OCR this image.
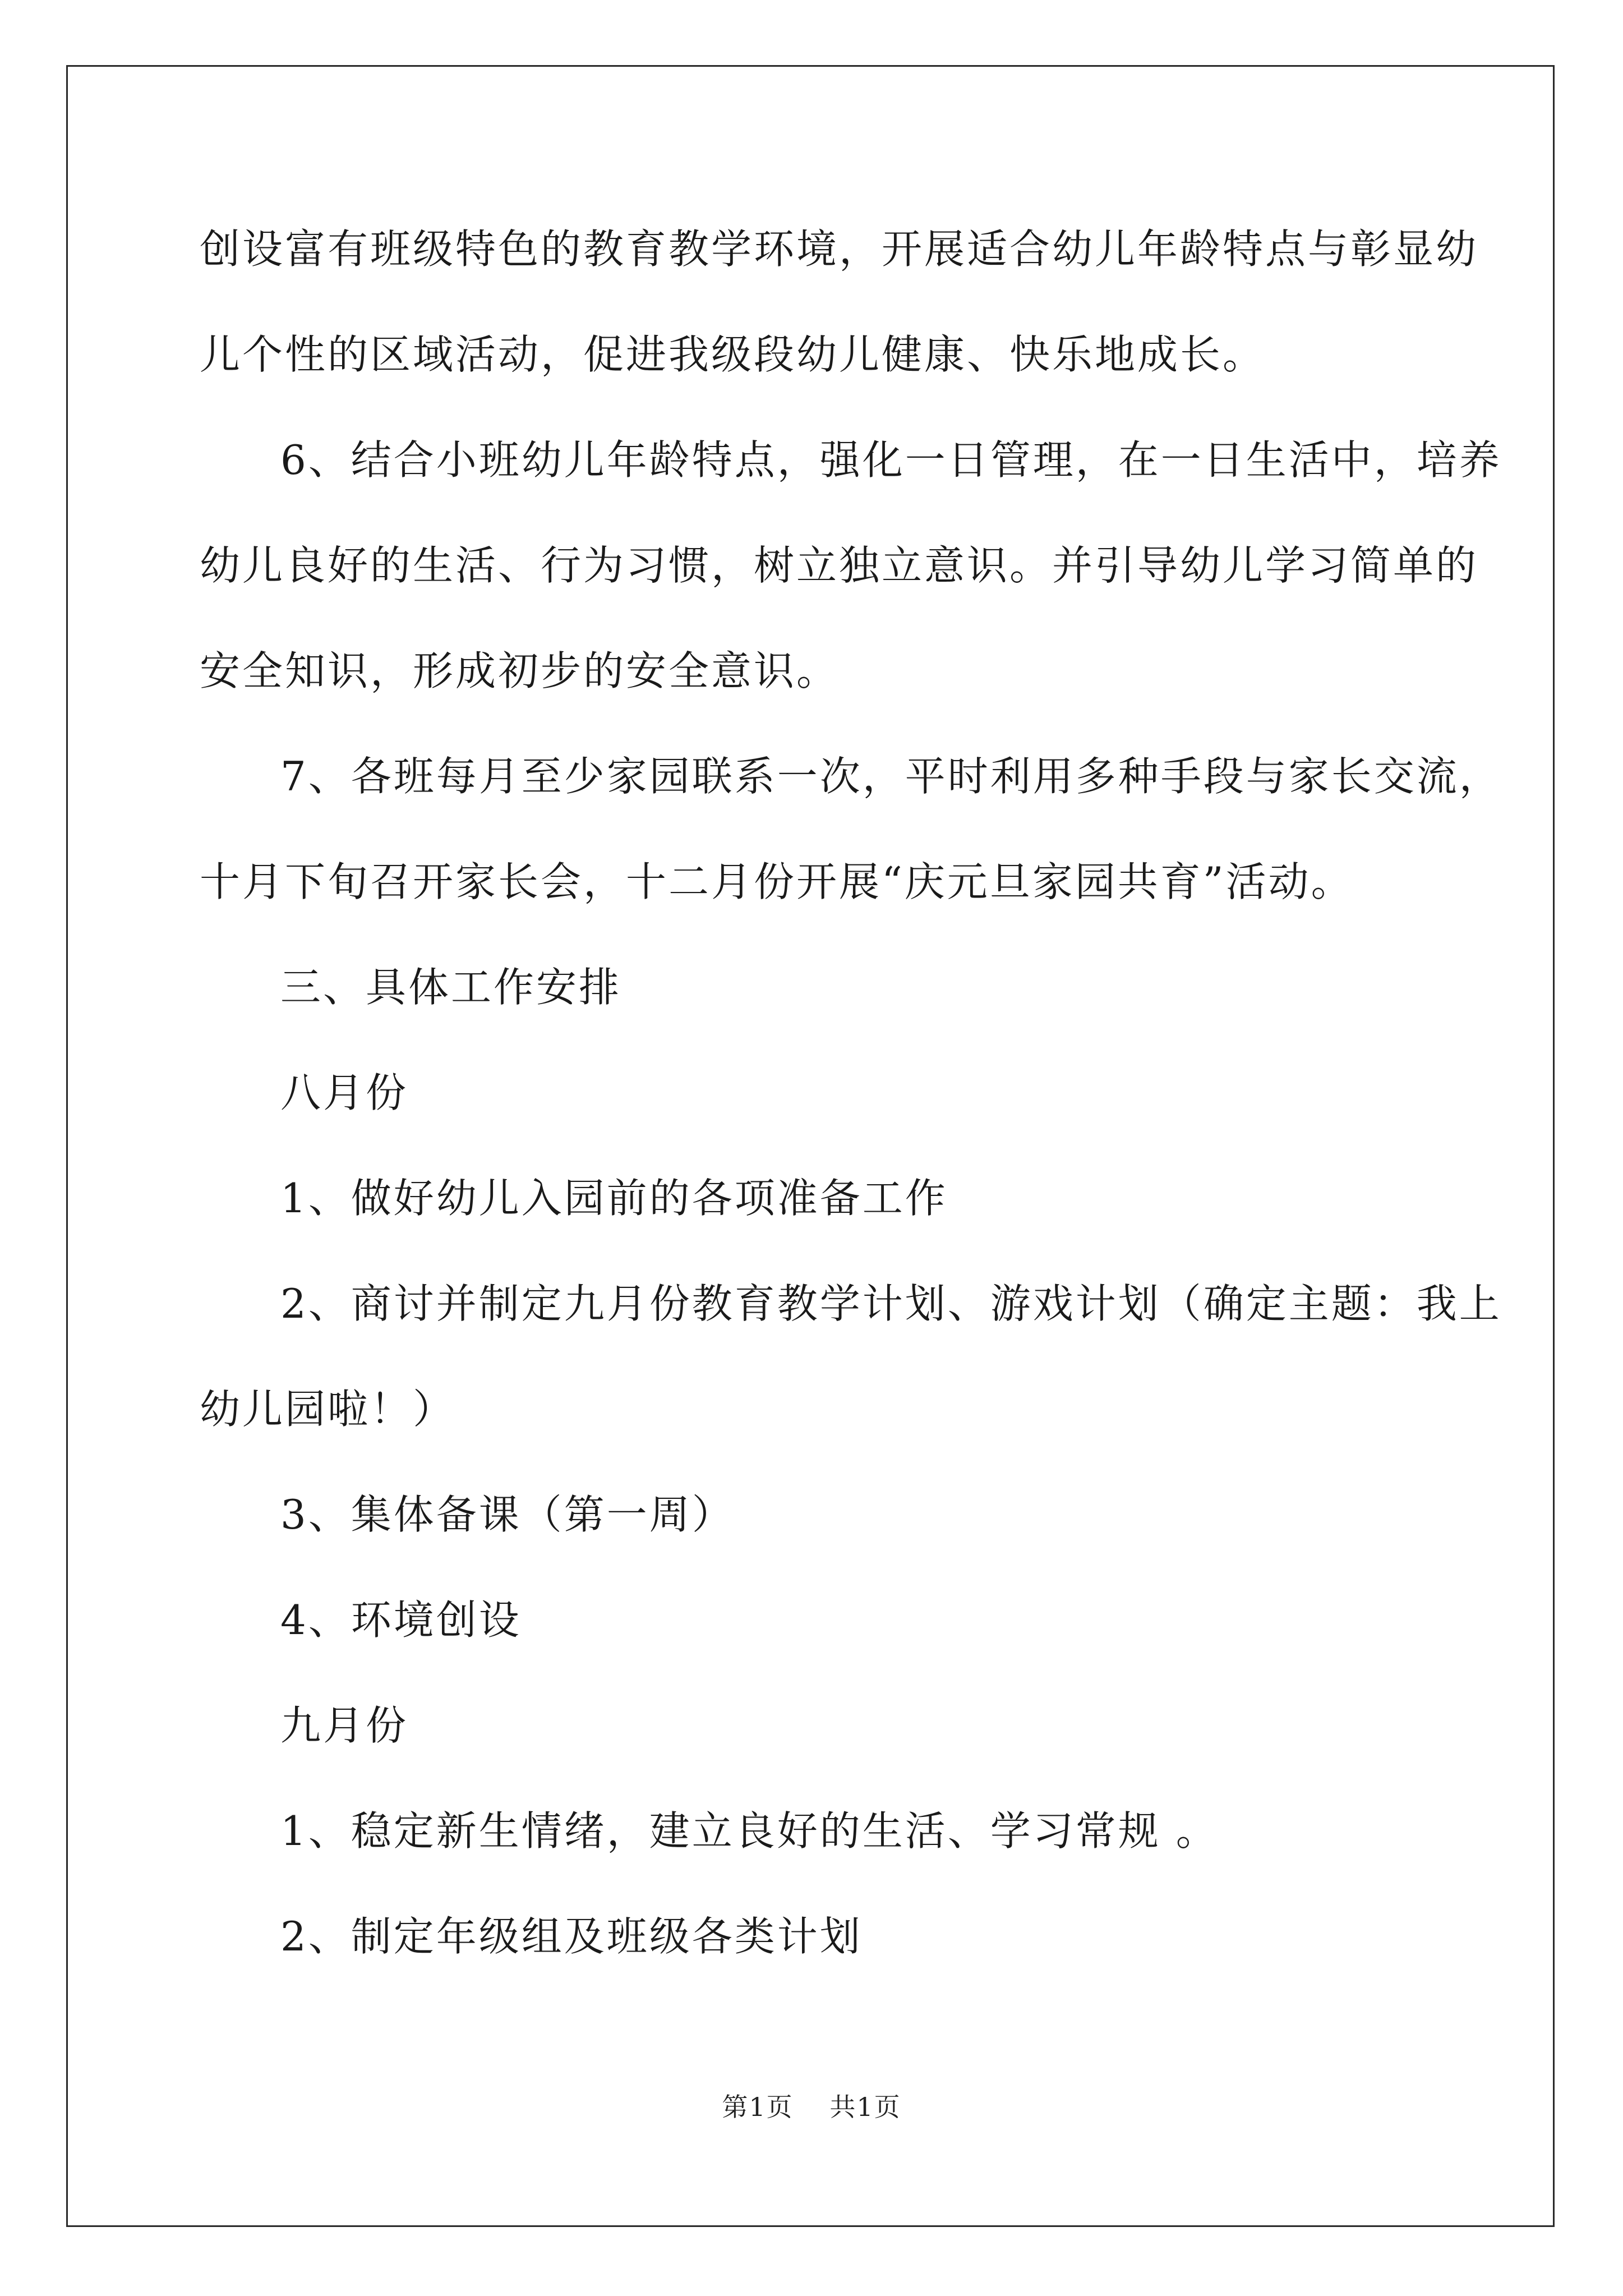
创设富有班级特色的教育教学环境，开展适合幼儿年龄特点与彰显幼

儿个性的区域活动，促进我级段幼儿健康、快乐地成长。

6、结合小班幼儿年龄特点，强化一日管理，在一日生活中，培养

幼儿良好的生活、行为习惯，树立独立意识。并引导幼儿学习简单的

安全知识，形成初步的安全意识。

7、各班每月至少家园联系一次，平时利用多种手段与家长交流，

十月下旬召开家长会，十二月份开展“庆元旦家园共育”活动。

三、具体工作安排

八月份

1、做好幼儿入园前的各项准备工作

2、商讨并制定九月份教育教学计划、游戏计划（确定主题：我上

幼儿园啦！）

3、集体备课（第一周）

4、环境创设

九月份

1、稳定新生情绪，建立良好的生活、学习常规 。

2、制定年级组及班级各类计划

第1页 共1页
